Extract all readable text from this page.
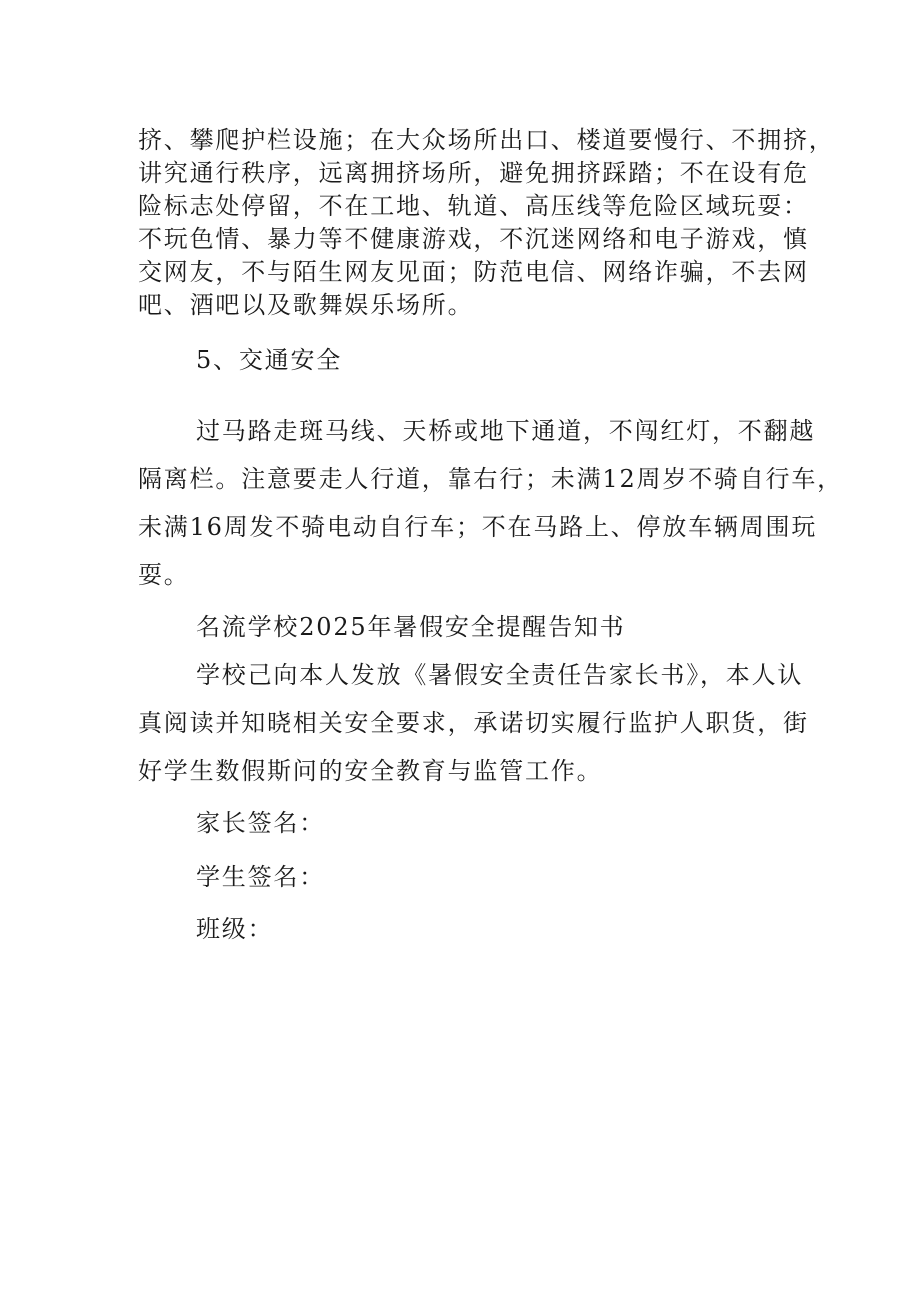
挤、攀爬护栏设施；在大众场所出口、楼道要慢行、不拥挤，
讲究通行秩序，远离拥挤场所，避免拥挤踩踏；不在设有危
险标志处停留，不在工地、轨道、高压线等危险区域玩耍：
不玩色情、暴力等不健康游戏，不沉迷网络和电子游戏，慎
交网友，不与陌生网友见面；防范电信、网络诈骗，不去网
吧、酒吧以及歌舞娱乐场所。
5、交通安全
过马路走斑马线、天桥或地下通道，不闯红灯，不翻越
隔离栏。注意要走人行道，靠右行；未满12周岁不骑自行车，
未满16周发不骑电动自行车；不在马路上、停放车辆周围玩
耍。
名流学校2025年暑假安全提醒告知书
学校己向本人发放《暑假安全责任告家长书》，本人认
真阅读并知晓相关安全要求，承诺切实履行监护人职货，街
好学生数假斯问的安全教育与监管工作。
家长签名：
学生签名：
班级：
